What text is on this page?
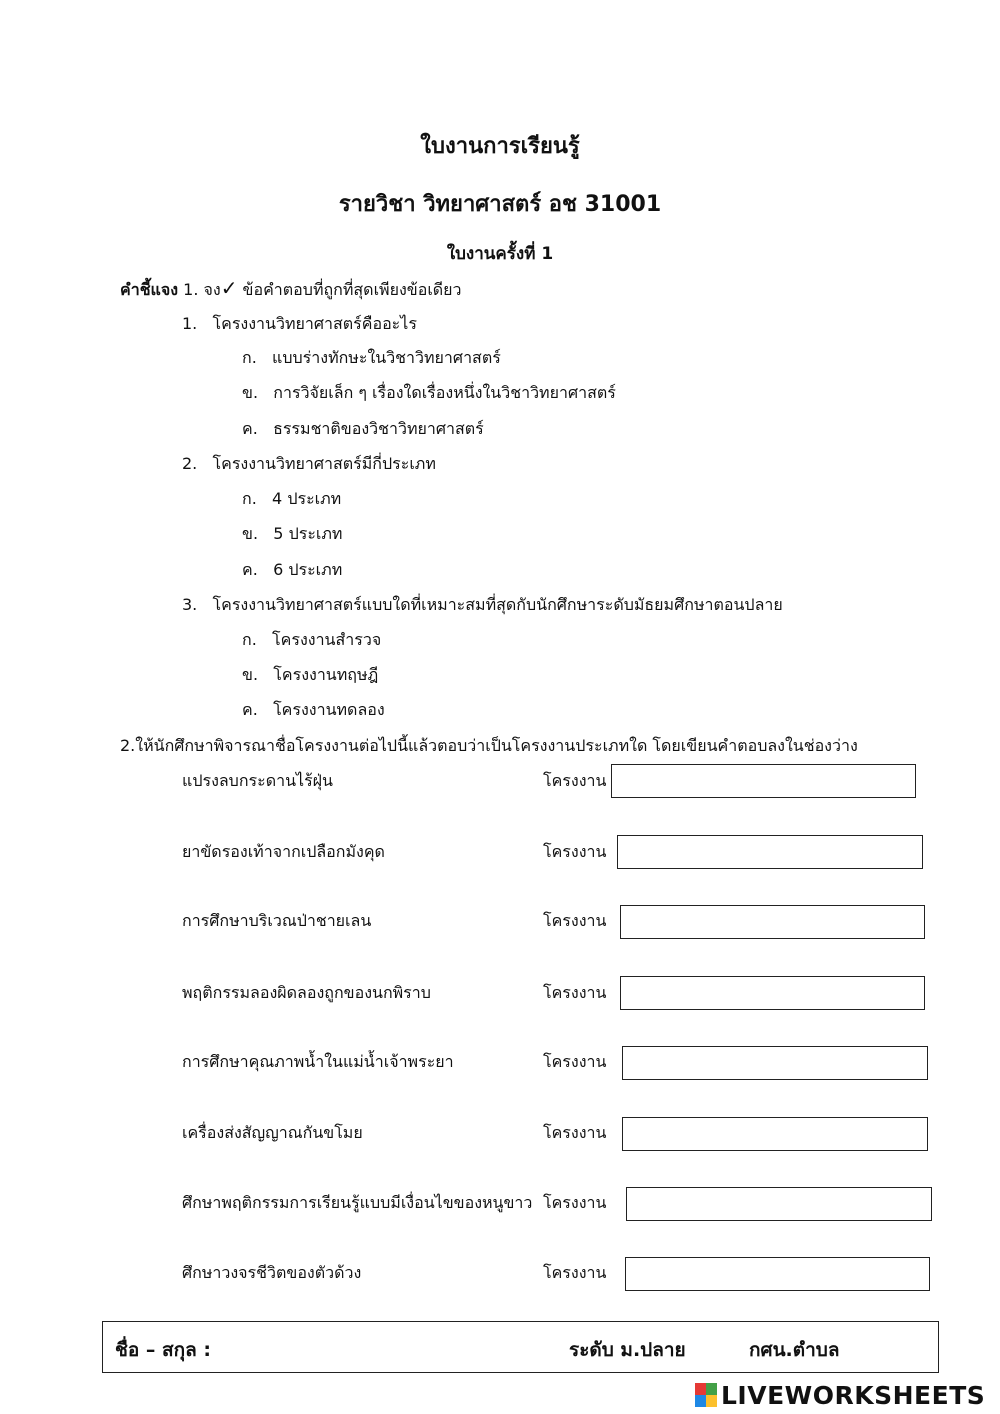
ใบงานการเรียนรู้
รายวิชา วิทยาศาสตร์ อช 31001
ใบงานครั้งที่ 1
คำชี้แจง 1. จง✓ ข้อคำตอบที่ถูกที่สุดเพียงข้อเดียว
1. โครงงานวิทยาศาสตร์คืออะไร
ก. แบบร่างทักษะในวิชาวิทยาศาสตร์
ข. การวิจัยเล็ก ๆ เรื่องใดเรื่องหนึ่งในวิชาวิทยาศาสตร์
ค. ธรรมชาติของวิชาวิทยาศาสตร์
2. โครงงานวิทยาศาสตร์มีกี่ประเภท
ก. 4 ประเภท
ข. 5 ประเภท
ค. 6 ประเภท
3. โครงงานวิทยาศาสตร์แบบใดที่เหมาะสมที่สุดกับนักศึกษาระดับมัธยมศึกษาตอนปลาย
ก. โครงงานสำรวจ
ข. โครงงานทฤษฎี
ค. โครงงานทดลอง
2.ให้นักศึกษาพิจารณาชื่อโครงงานต่อไปนี้แล้วตอบว่าเป็นโครงงานประเภทใด โดยเขียนคำตอบลงในช่องว่าง
แปรงลบกระดานไร้ฝุ่น	โครงงาน
ยาขัดรองเท้าจากเปลือกมังคุด	โครงงาน
การศึกษาบริเวณป่าชายเลน	โครงงาน
พฤติกรรมลองผิดลองถูกของนกพิราบ	โครงงาน
การศึกษาคุณภาพน้ำในแม่น้ำเจ้าพระยา	โครงงาน
เครื่องส่งสัญญาณกันขโมย	โครงงาน
ศึกษาพฤติกรรมการเรียนรู้แบบมีเงื่อนไขของหนูขาว โครงงาน
ศึกษาวงจรชีวิตของตัวด้วง	โครงงาน
ชื่อ – สกุล :	ระดับ ม.ปลาย	กศน.ตำบล
LIVEWORKSHEETS
